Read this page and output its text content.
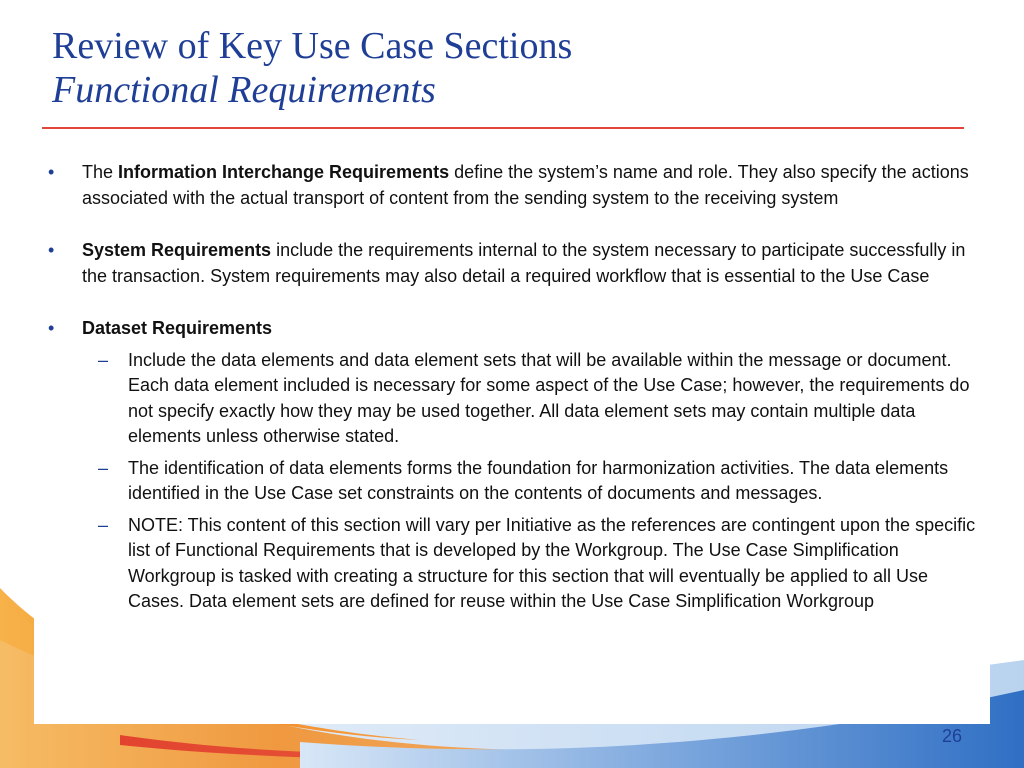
Review of Key Use Case Sections

Functional Requirements

• The Information Interchange Requirements define the system’s name and role. They also specify the actions associated with the actual transport of content from the sending system to the receiving system

• System Requirements include the requirements internal to the system necessary to participate successfully in the transaction. System requirements may also detail a required workflow that is essential to the Use Case

• Dataset Requirements

– Include the data elements and data element sets that will be available within the message or document. Each data element included is necessary for some aspect of the Use Case; however, the requirements do not specify exactly how they may be used together. All data element sets may contain multiple data elements unless otherwise stated.

– The identification of data elements forms the foundation for harmonization activities. The data elements identified in the Use Case set constraints on the contents of documents and messages.

– NOTE: This content of this section will vary per Initiative as the references are contingent upon the specific list of Functional Requirements that is developed by the Workgroup. The Use Case Simplification Workgroup is tasked with creating a structure for this section that will eventually be applied to all Use Cases. Data element sets are defined for reuse within the Use Case Simplification Workgroup

26
